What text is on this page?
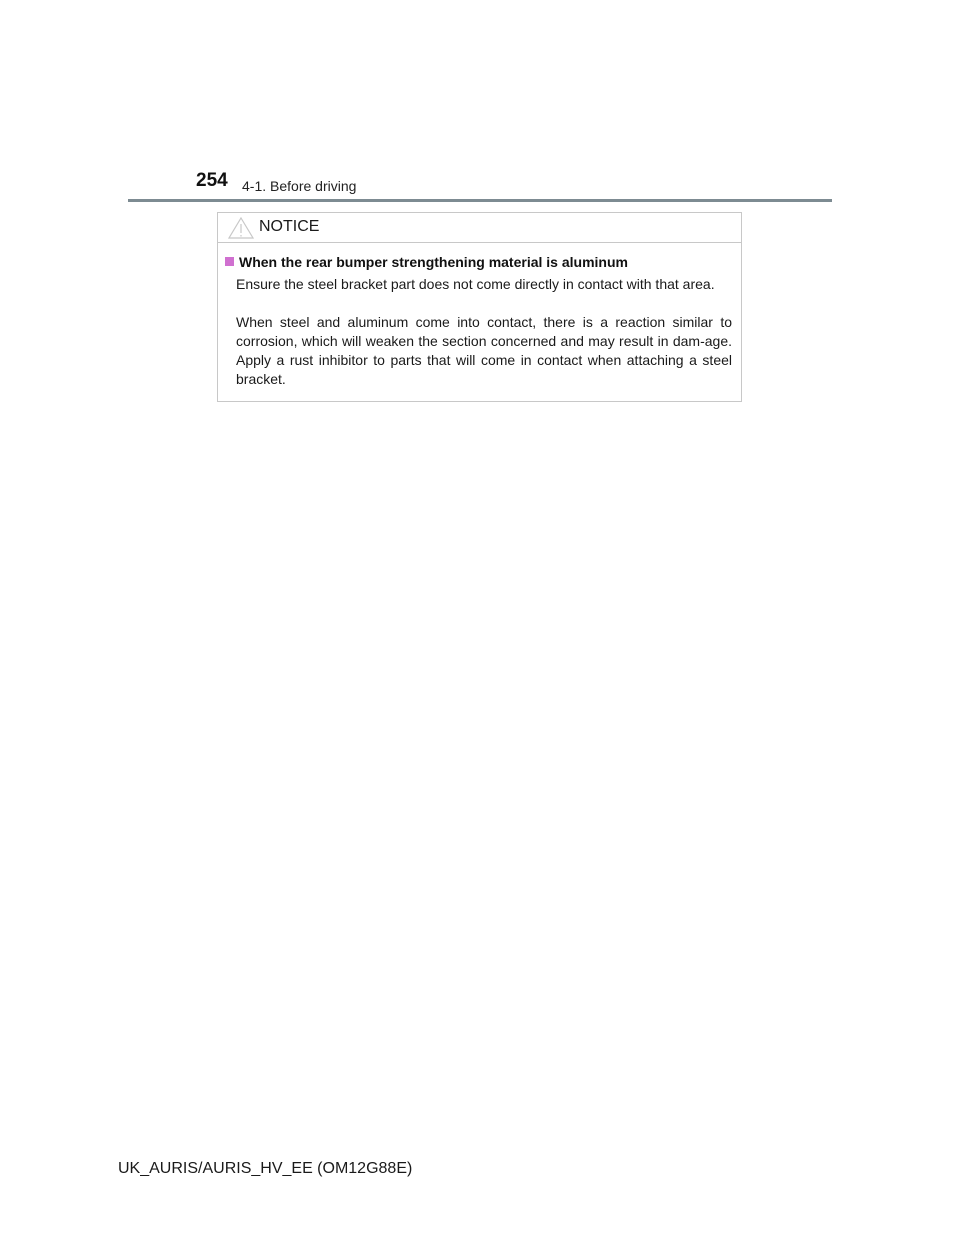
254 4-1. Before driving
NOTICE
When the rear bumper strengthening material is aluminum
Ensure the steel bracket part does not come directly in contact with that area.
When steel and aluminum come into contact, there is a reaction similar to corrosion, which will weaken the section concerned and may result in dam-age. Apply a rust inhibitor to parts that will come in contact when attaching a steel bracket.
UK_AURIS/AURIS_HV_EE (OM12G88E)
